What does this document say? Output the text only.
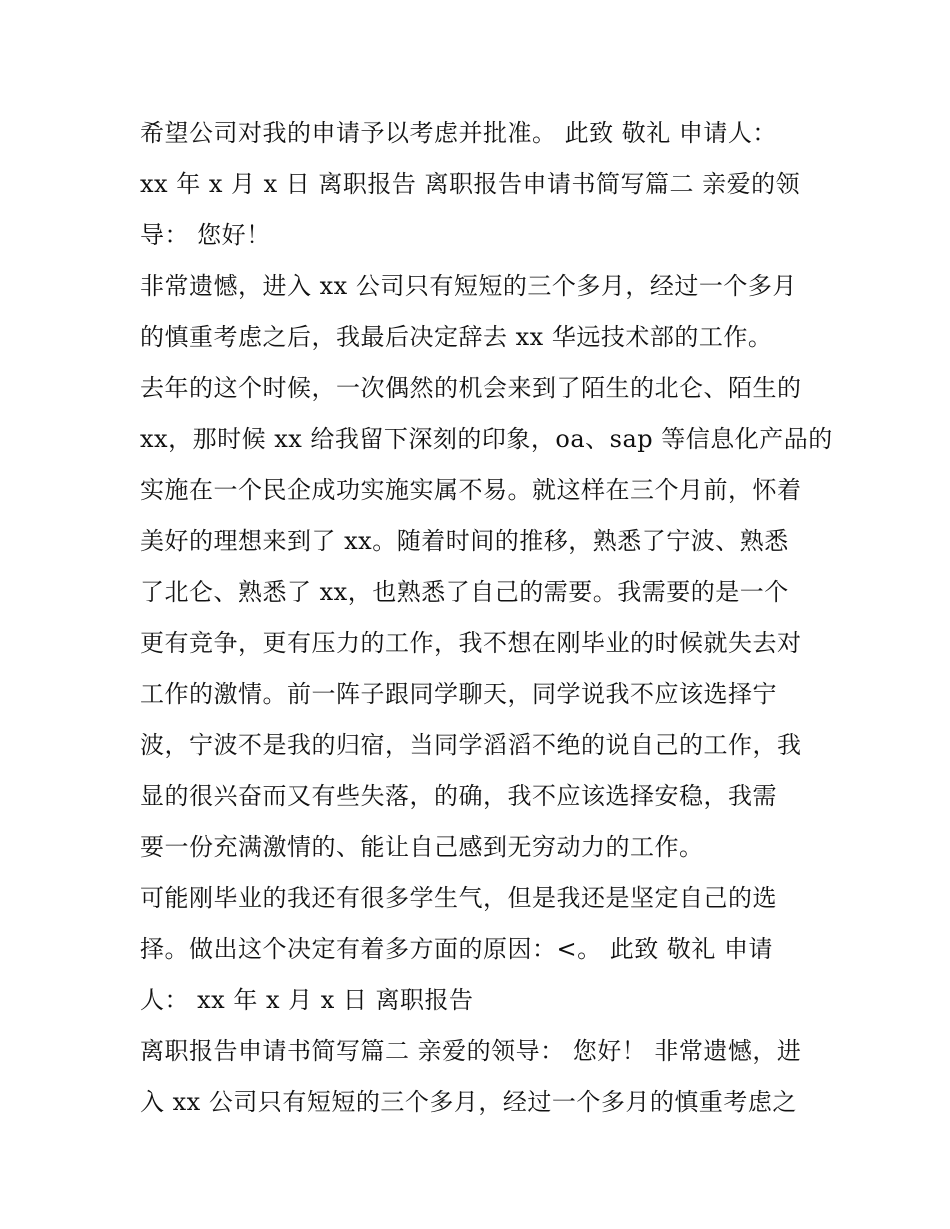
希望公司对我的申请予以考虑并批准。 此致 敬礼 申请人：
xx 年 x 月 x 日 离职报告 离职报告申请书简写篇二 亲爱的领
导： 您好！
非常遗憾，进入 xx 公司只有短短的三个多月，经过一个多月
的慎重考虑之后，我最后决定辞去 xx 华远技术部的工作。
去年的这个时候，一次偶然的机会来到了陌生的北仑、陌生的
xx，那时候 xx 给我留下深刻的印象，oa、sap 等信息化产品的
实施在一个民企成功实施实属不易。就这样在三个月前，怀着
美好的理想来到了 xx。随着时间的推移，熟悉了宁波、熟悉
了北仑、熟悉了 xx，也熟悉了自己的需要。我需要的是一个
更有竞争，更有压力的工作，我不想在刚毕业的时候就失去对
工作的激情。前一阵子跟同学聊天，同学说我不应该选择宁
波，宁波不是我的归宿，当同学滔滔不绝的说自己的工作，我
显的很兴奋而又有些失落，的确，我不应该选择安稳，我需
要一份充满激情的、能让自己感到无穷动力的工作。
可能刚毕业的我还有很多学生气，但是我还是坚定自己的选
择。做出这个决定有着多方面的原因：<。 此致 敬礼 申请
人： xx 年 x 月 x 日 离职报告
离职报告申请书简写篇二 亲爱的领导： 您好！ 非常遗憾，进
入 xx 公司只有短短的三个多月，经过一个多月的慎重考虑之
